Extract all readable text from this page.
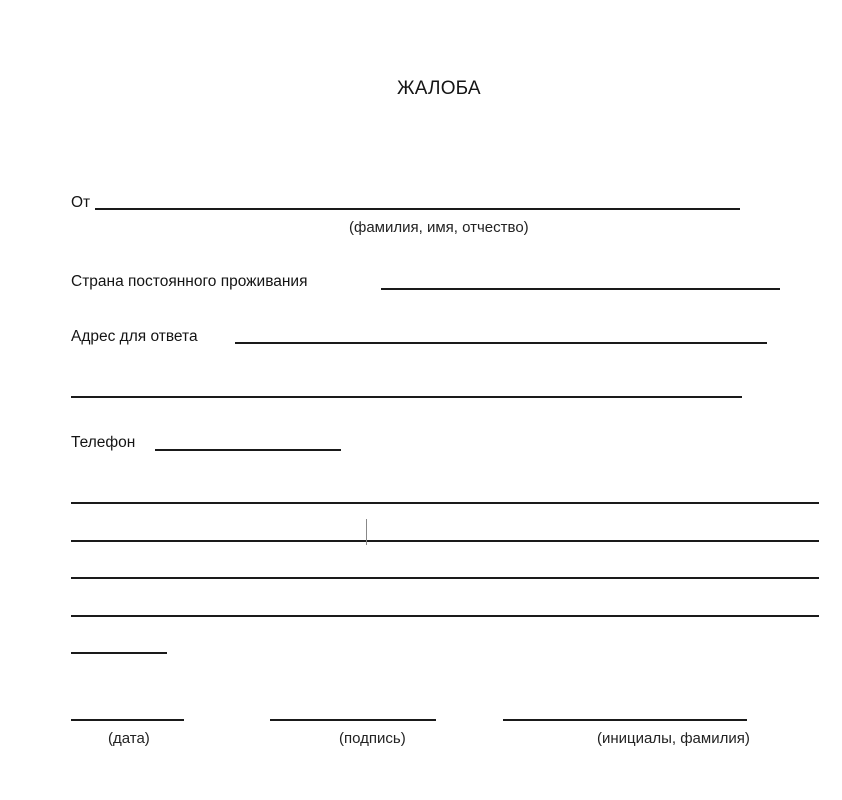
ЖАЛОБА
От
(фамилия, имя, отчество)
Страна постоянного проживания
Адрес для ответа
Телефон
(дата)	(подпись)	(инициалы, фамилия)
